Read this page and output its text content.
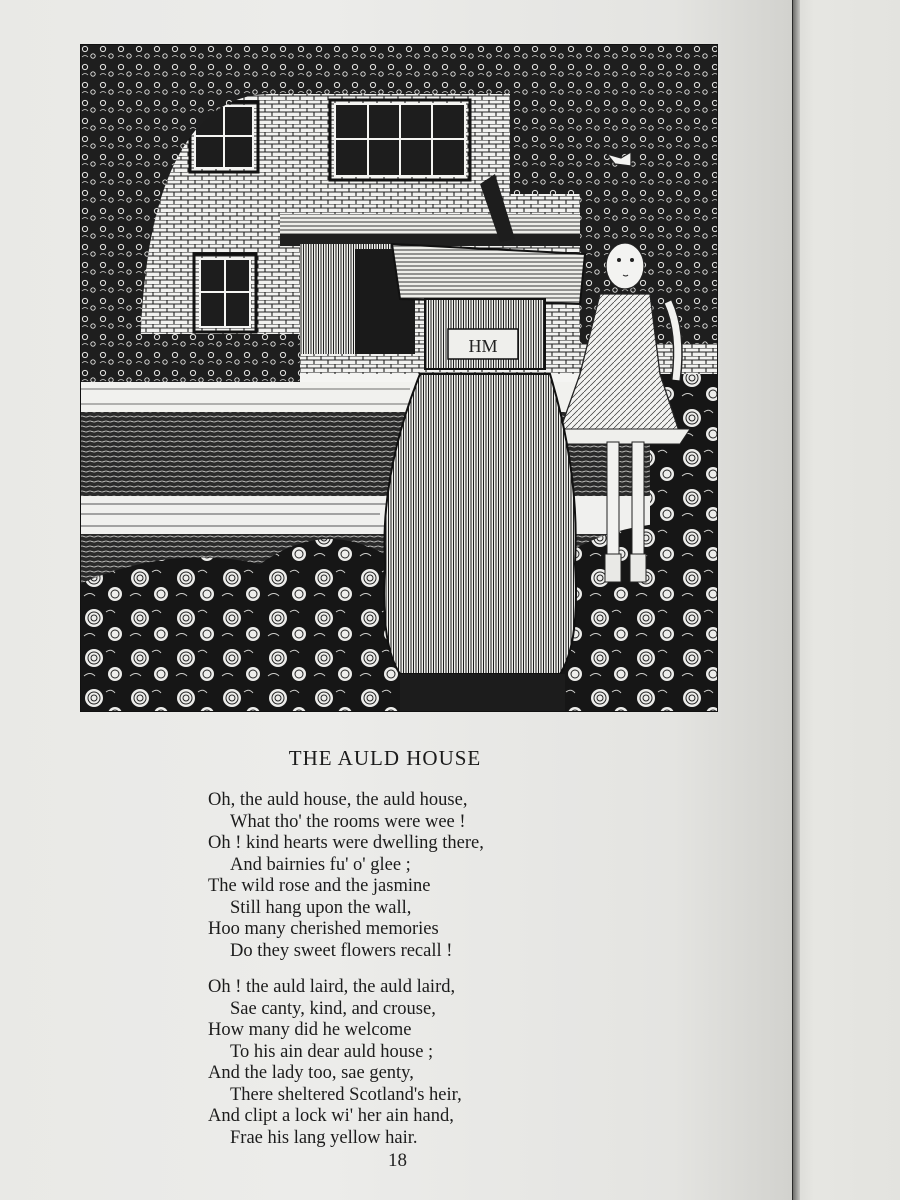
HM
THE AULD HOUSE
Oh, the auld house, the auld house,
What tho' the rooms were wee !
Oh ! kind hearts were dwelling there,
And bairnies fu' o' glee ;
The wild rose and the jasmine
Still hang upon the wall,
Hoo many cherished memories
Do they sweet flowers recall !
Oh ! the auld laird, the auld laird,
Sae canty, kind, and crouse,
How many did he welcome
To his ain dear auld house ;
And the lady too, sae genty,
There sheltered Scotland's heir,
And clipt a lock wi' her ain hand,
Frae his lang yellow hair.
18
